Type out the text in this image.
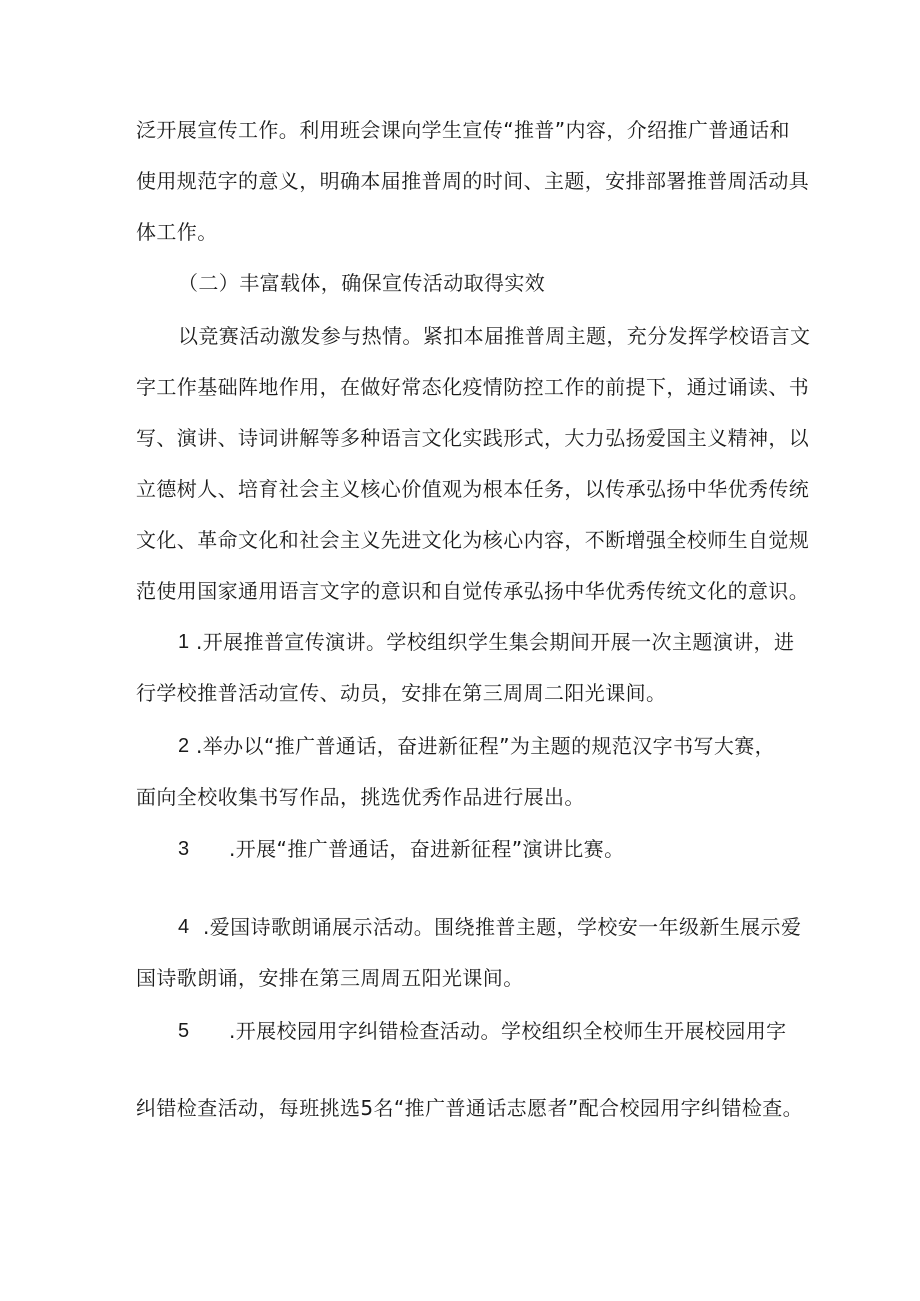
泛开展宣传工作。利用班会课向学生宣传“推普”内容，介绍推广普通话和
使用规范字的意义，明确本届推普周的时间、主题，安排部署推普周活动具
体工作。
（二）丰富载体，确保宣传活动取得实效
以竞赛活动激发参与热情。紧扣本届推普周主题，充分发挥学校语言文
字工作基础阵地作用，在做好常态化疫情防控工作的前提下，通过诵读、书
写、演讲、诗词讲解等多种语言文化实践形式，大力弘扬爱国主义精神，以
立德树人、培育社会主义核心价值观为根本任务，以传承弘扬中华优秀传统
文化、革命文化和社会主义先进文化为核心内容，不断增强全校师生自觉规
范使用国家通用语言文字的意识和自觉传承弘扬中华优秀传统文化的意识。
1 .开展推普宣传演讲。学校组织学生集会期间开展一次主题演讲，进
行学校推普活动宣传、动员，安排在第三周周二阳光课间。
2 .举办以“推广普通话，奋进新征程”为主题的规范汉字书写大赛，
面向全校收集书写作品，挑选优秀作品进行展出。
3 .开展“推广普通话，奋进新征程”演讲比赛。
4 .爱国诗歌朗诵展示活动。围绕推普主题，学校安一年级新生展示爱
国诗歌朗诵，安排在第三周周五阳光课间。
5 .开展校园用字纠错检查活动。学校组织全校师生开展校园用字
纠错检查活动，每班挑选5名“推广普通话志愿者”配合校园用字纠错检查。
